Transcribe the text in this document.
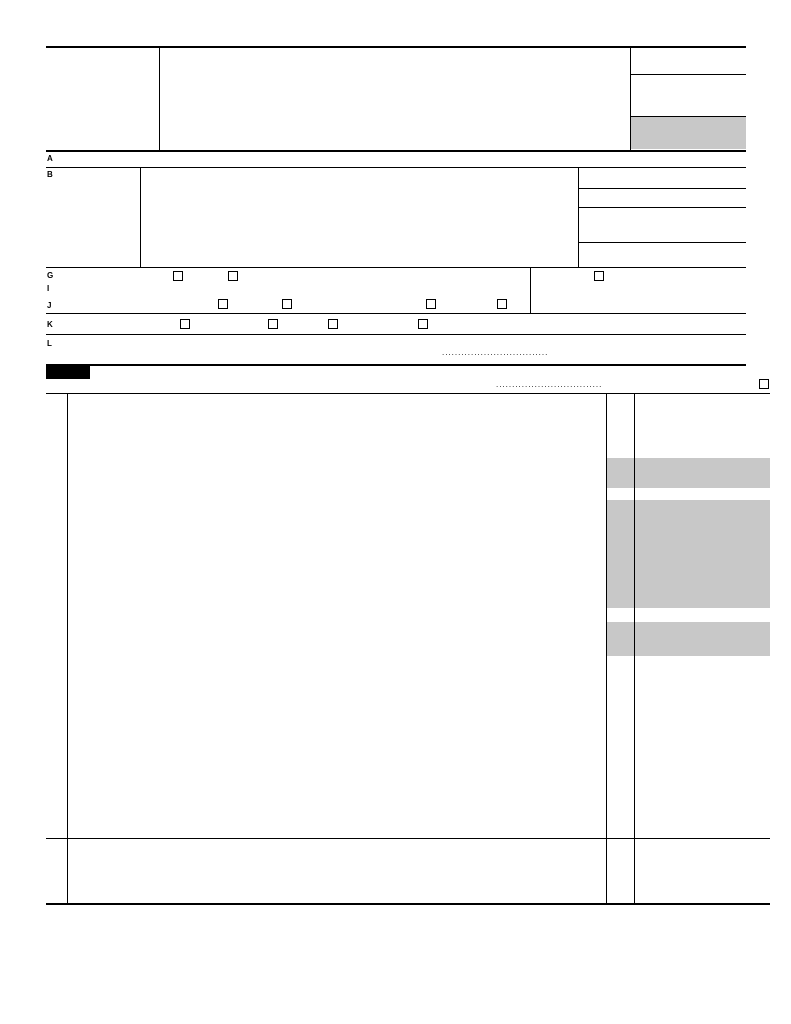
A
B
G
I
J
K
L
.................................
.................................
